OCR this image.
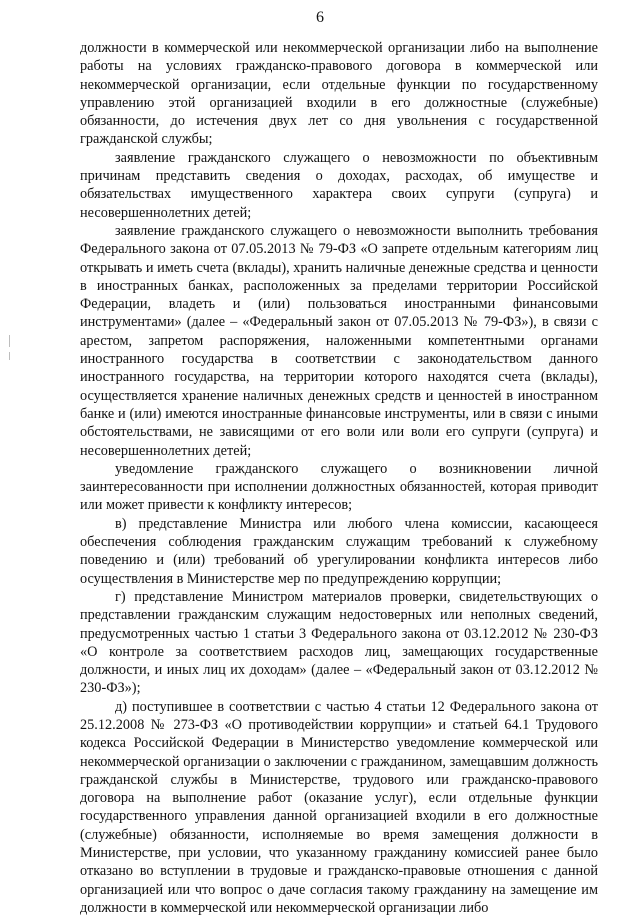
6

должности в коммерческой или некоммерческой организации либо на выполнение работы на условиях гражданско-правового договора в коммерческой или некоммерческой организации, если отдельные функции по государственному управлению этой организацией входили в его должностные (служебные) обязанности, до истечения двух лет со дня увольнения с государственной гражданской службы;

заявление гражданского служащего о невозможности по объективным причинам представить сведения о доходах, расходах, об имуществе и обязательствах имущественного характера своих супруги (супруга) и несовершеннолетних детей;

заявление гражданского служащего о невозможности выполнить требования Федерального закона от 07.05.2013 № 79-ФЗ «О запрете отдельным категориям лиц открывать и иметь счета (вклады), хранить наличные денежные средства и ценности в иностранных банках, расположенных за пределами территории Российской Федерации, владеть и (или) пользоваться иностранными финансовыми инструментами» (далее – «Федеральный закон от 07.05.2013 № 79-ФЗ»), в связи с арестом, запретом распоряжения, наложенными компетентными органами иностранного государства в соответствии с законодательством данного иностранного государства, на территории которого находятся счета (вклады), осуществляется хранение наличных денежных средств и ценностей в иностранном банке и (или) имеются иностранные финансовые инструменты, или в связи с иными обстоятельствами, не зависящими от его воли или воли его супруги (супруга) и несовершеннолетних детей;

уведомление гражданского служащего о возникновении личной заинтересованности при исполнении должностных обязанностей, которая приводит или может привести к конфликту интересов;

в) представление Министра или любого члена комиссии, касающееся обеспечения соблюдения гражданским служащим требований к служебному поведению и (или) требований об урегулировании конфликта интересов либо осуществления в Министерстве мер по предупреждению коррупции;

г) представление Министром материалов проверки, свидетельствующих о представлении гражданским служащим недостоверных или неполных сведений, предусмотренных частью 1 статьи 3 Федерального закона от 03.12.2012 № 230-ФЗ «О контроле за соответствием расходов лиц, замещающих государственные должности, и иных лиц их доходам» (далее – «Федеральный закон от 03.12.2012 № 230-ФЗ»);

д) поступившее в соответствии с частью 4 статьи 12 Федерального закона от 25.12.2008 № 273-ФЗ «О противодействии коррупции» и статьей 64.1 Трудового кодекса Российской Федерации в Министерство уведомление коммерческой или некоммерческой организации о заключении с гражданином, замещавшим должность гражданской службы в Министерстве, трудового или гражданско-правового договора на выполнение работ (оказание услуг), если отдельные функции государственного управления данной организацией входили в его должностные (служебные) обязанности, исполняемые во время замещения должности в Министерстве, при условии, что указанному гражданину комиссией ранее было отказано во вступлении в трудовые и гражданско-правовые отношения с данной организацией или что вопрос о даче согласия такому гражданину на замещение им должности в коммерческой или некоммерческой организации либо
